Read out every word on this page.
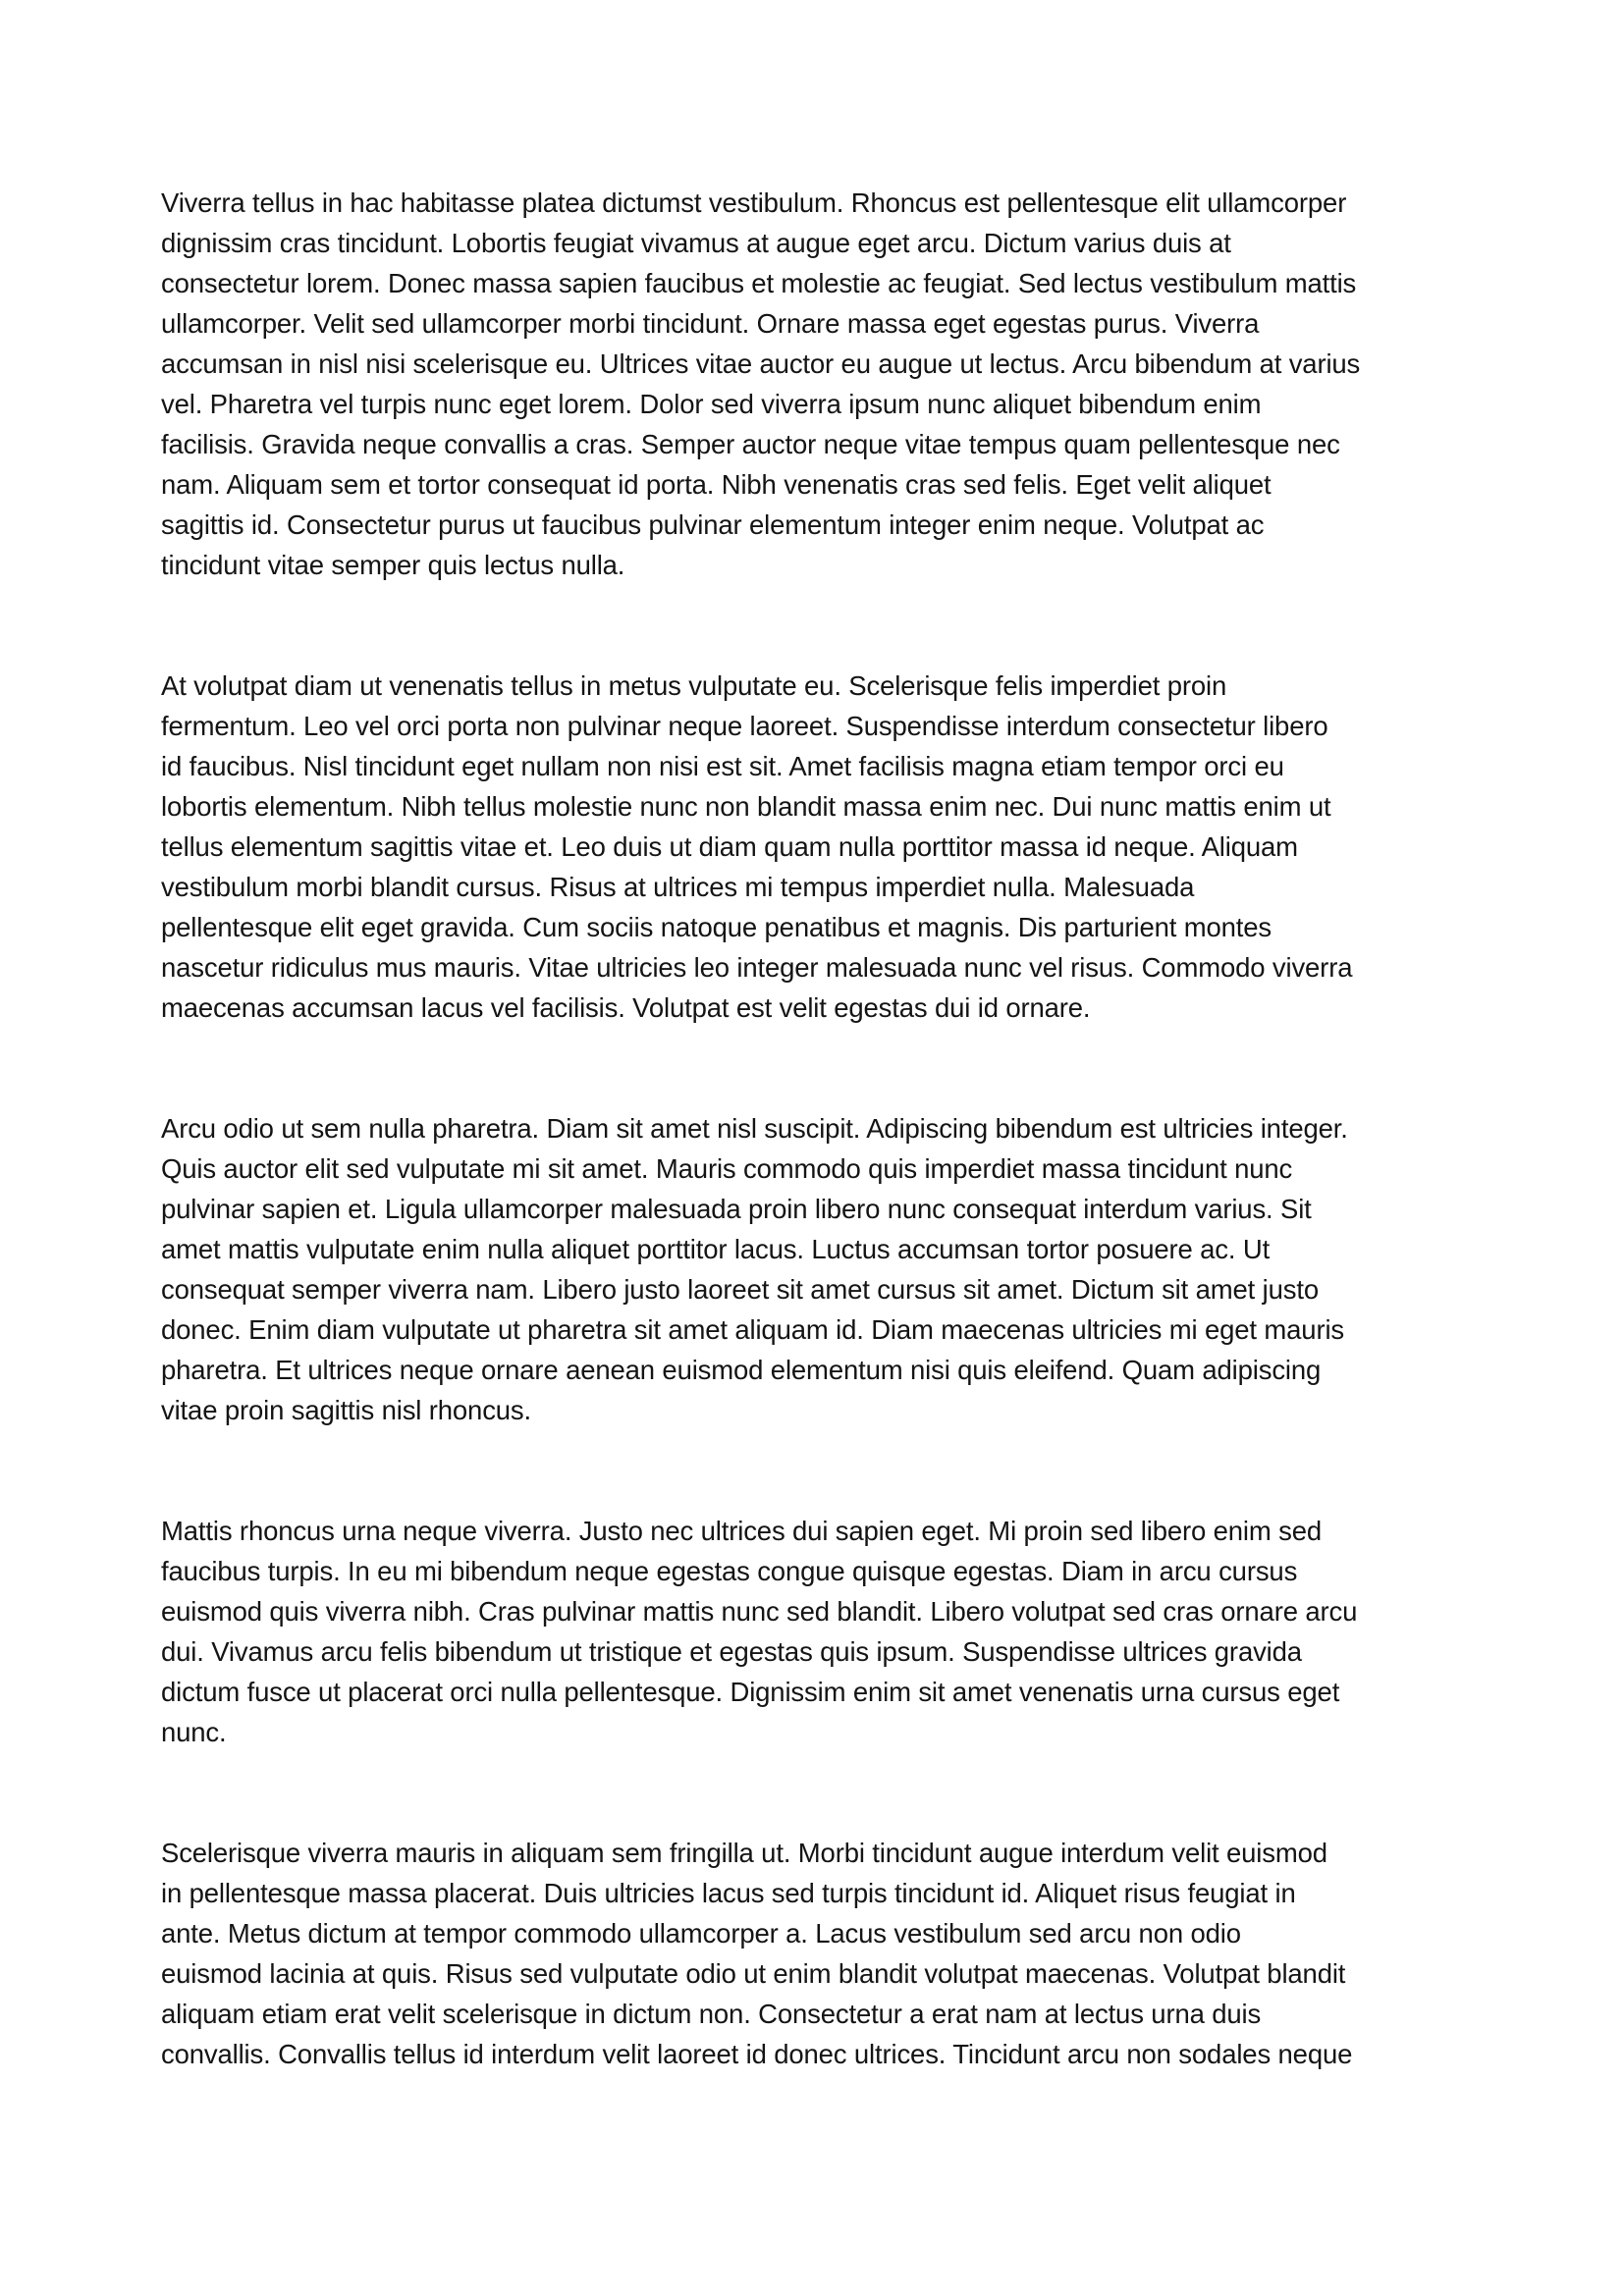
Viverra tellus in hac habitasse platea dictumst vestibulum. Rhoncus est pellentesque elit ullamcorper
dignissim cras tincidunt. Lobortis feugiat vivamus at augue eget arcu. Dictum varius duis at
consectetur lorem. Donec massa sapien faucibus et molestie ac feugiat. Sed lectus vestibulum mattis
ullamcorper. Velit sed ullamcorper morbi tincidunt. Ornare massa eget egestas purus. Viverra
accumsan in nisl nisi scelerisque eu. Ultrices vitae auctor eu augue ut lectus. Arcu bibendum at varius
vel. Pharetra vel turpis nunc eget lorem. Dolor sed viverra ipsum nunc aliquet bibendum enim
facilisis. Gravida neque convallis a cras. Semper auctor neque vitae tempus quam pellentesque nec
nam. Aliquam sem et tortor consequat id porta. Nibh venenatis cras sed felis. Eget velit aliquet
sagittis id. Consectetur purus ut faucibus pulvinar elementum integer enim neque. Volutpat ac
tincidunt vitae semper quis lectus nulla.
At volutpat diam ut venenatis tellus in metus vulputate eu. Scelerisque felis imperdiet proin
fermentum. Leo vel orci porta non pulvinar neque laoreet. Suspendisse interdum consectetur libero
id faucibus. Nisl tincidunt eget nullam non nisi est sit. Amet facilisis magna etiam tempor orci eu
lobortis elementum. Nibh tellus molestie nunc non blandit massa enim nec. Dui nunc mattis enim ut
tellus elementum sagittis vitae et. Leo duis ut diam quam nulla porttitor massa id neque. Aliquam
vestibulum morbi blandit cursus. Risus at ultrices mi tempus imperdiet nulla. Malesuada
pellentesque elit eget gravida. Cum sociis natoque penatibus et magnis. Dis parturient montes
nascetur ridiculus mus mauris. Vitae ultricies leo integer malesuada nunc vel risus. Commodo viverra
maecenas accumsan lacus vel facilisis. Volutpat est velit egestas dui id ornare.
Arcu odio ut sem nulla pharetra. Diam sit amet nisl suscipit. Adipiscing bibendum est ultricies integer.
Quis auctor elit sed vulputate mi sit amet. Mauris commodo quis imperdiet massa tincidunt nunc
pulvinar sapien et. Ligula ullamcorper malesuada proin libero nunc consequat interdum varius. Sit
amet mattis vulputate enim nulla aliquet porttitor lacus. Luctus accumsan tortor posuere ac. Ut
consequat semper viverra nam. Libero justo laoreet sit amet cursus sit amet. Dictum sit amet justo
donec. Enim diam vulputate ut pharetra sit amet aliquam id. Diam maecenas ultricies mi eget mauris
pharetra. Et ultrices neque ornare aenean euismod elementum nisi quis eleifend. Quam adipiscing
vitae proin sagittis nisl rhoncus.
Mattis rhoncus urna neque viverra. Justo nec ultrices dui sapien eget. Mi proin sed libero enim sed
faucibus turpis. In eu mi bibendum neque egestas congue quisque egestas. Diam in arcu cursus
euismod quis viverra nibh. Cras pulvinar mattis nunc sed blandit. Libero volutpat sed cras ornare arcu
dui. Vivamus arcu felis bibendum ut tristique et egestas quis ipsum. Suspendisse ultrices gravida
dictum fusce ut placerat orci nulla pellentesque. Dignissim enim sit amet venenatis urna cursus eget
nunc.
Scelerisque viverra mauris in aliquam sem fringilla ut. Morbi tincidunt augue interdum velit euismod
in pellentesque massa placerat. Duis ultricies lacus sed turpis tincidunt id. Aliquet risus feugiat in
ante. Metus dictum at tempor commodo ullamcorper a. Lacus vestibulum sed arcu non odio
euismod lacinia at quis. Risus sed vulputate odio ut enim blandit volutpat maecenas. Volutpat blandit
aliquam etiam erat velit scelerisque in dictum non. Consectetur a erat nam at lectus urna duis
convallis. Convallis tellus id interdum velit laoreet id donec ultrices. Tincidunt arcu non sodales neque
